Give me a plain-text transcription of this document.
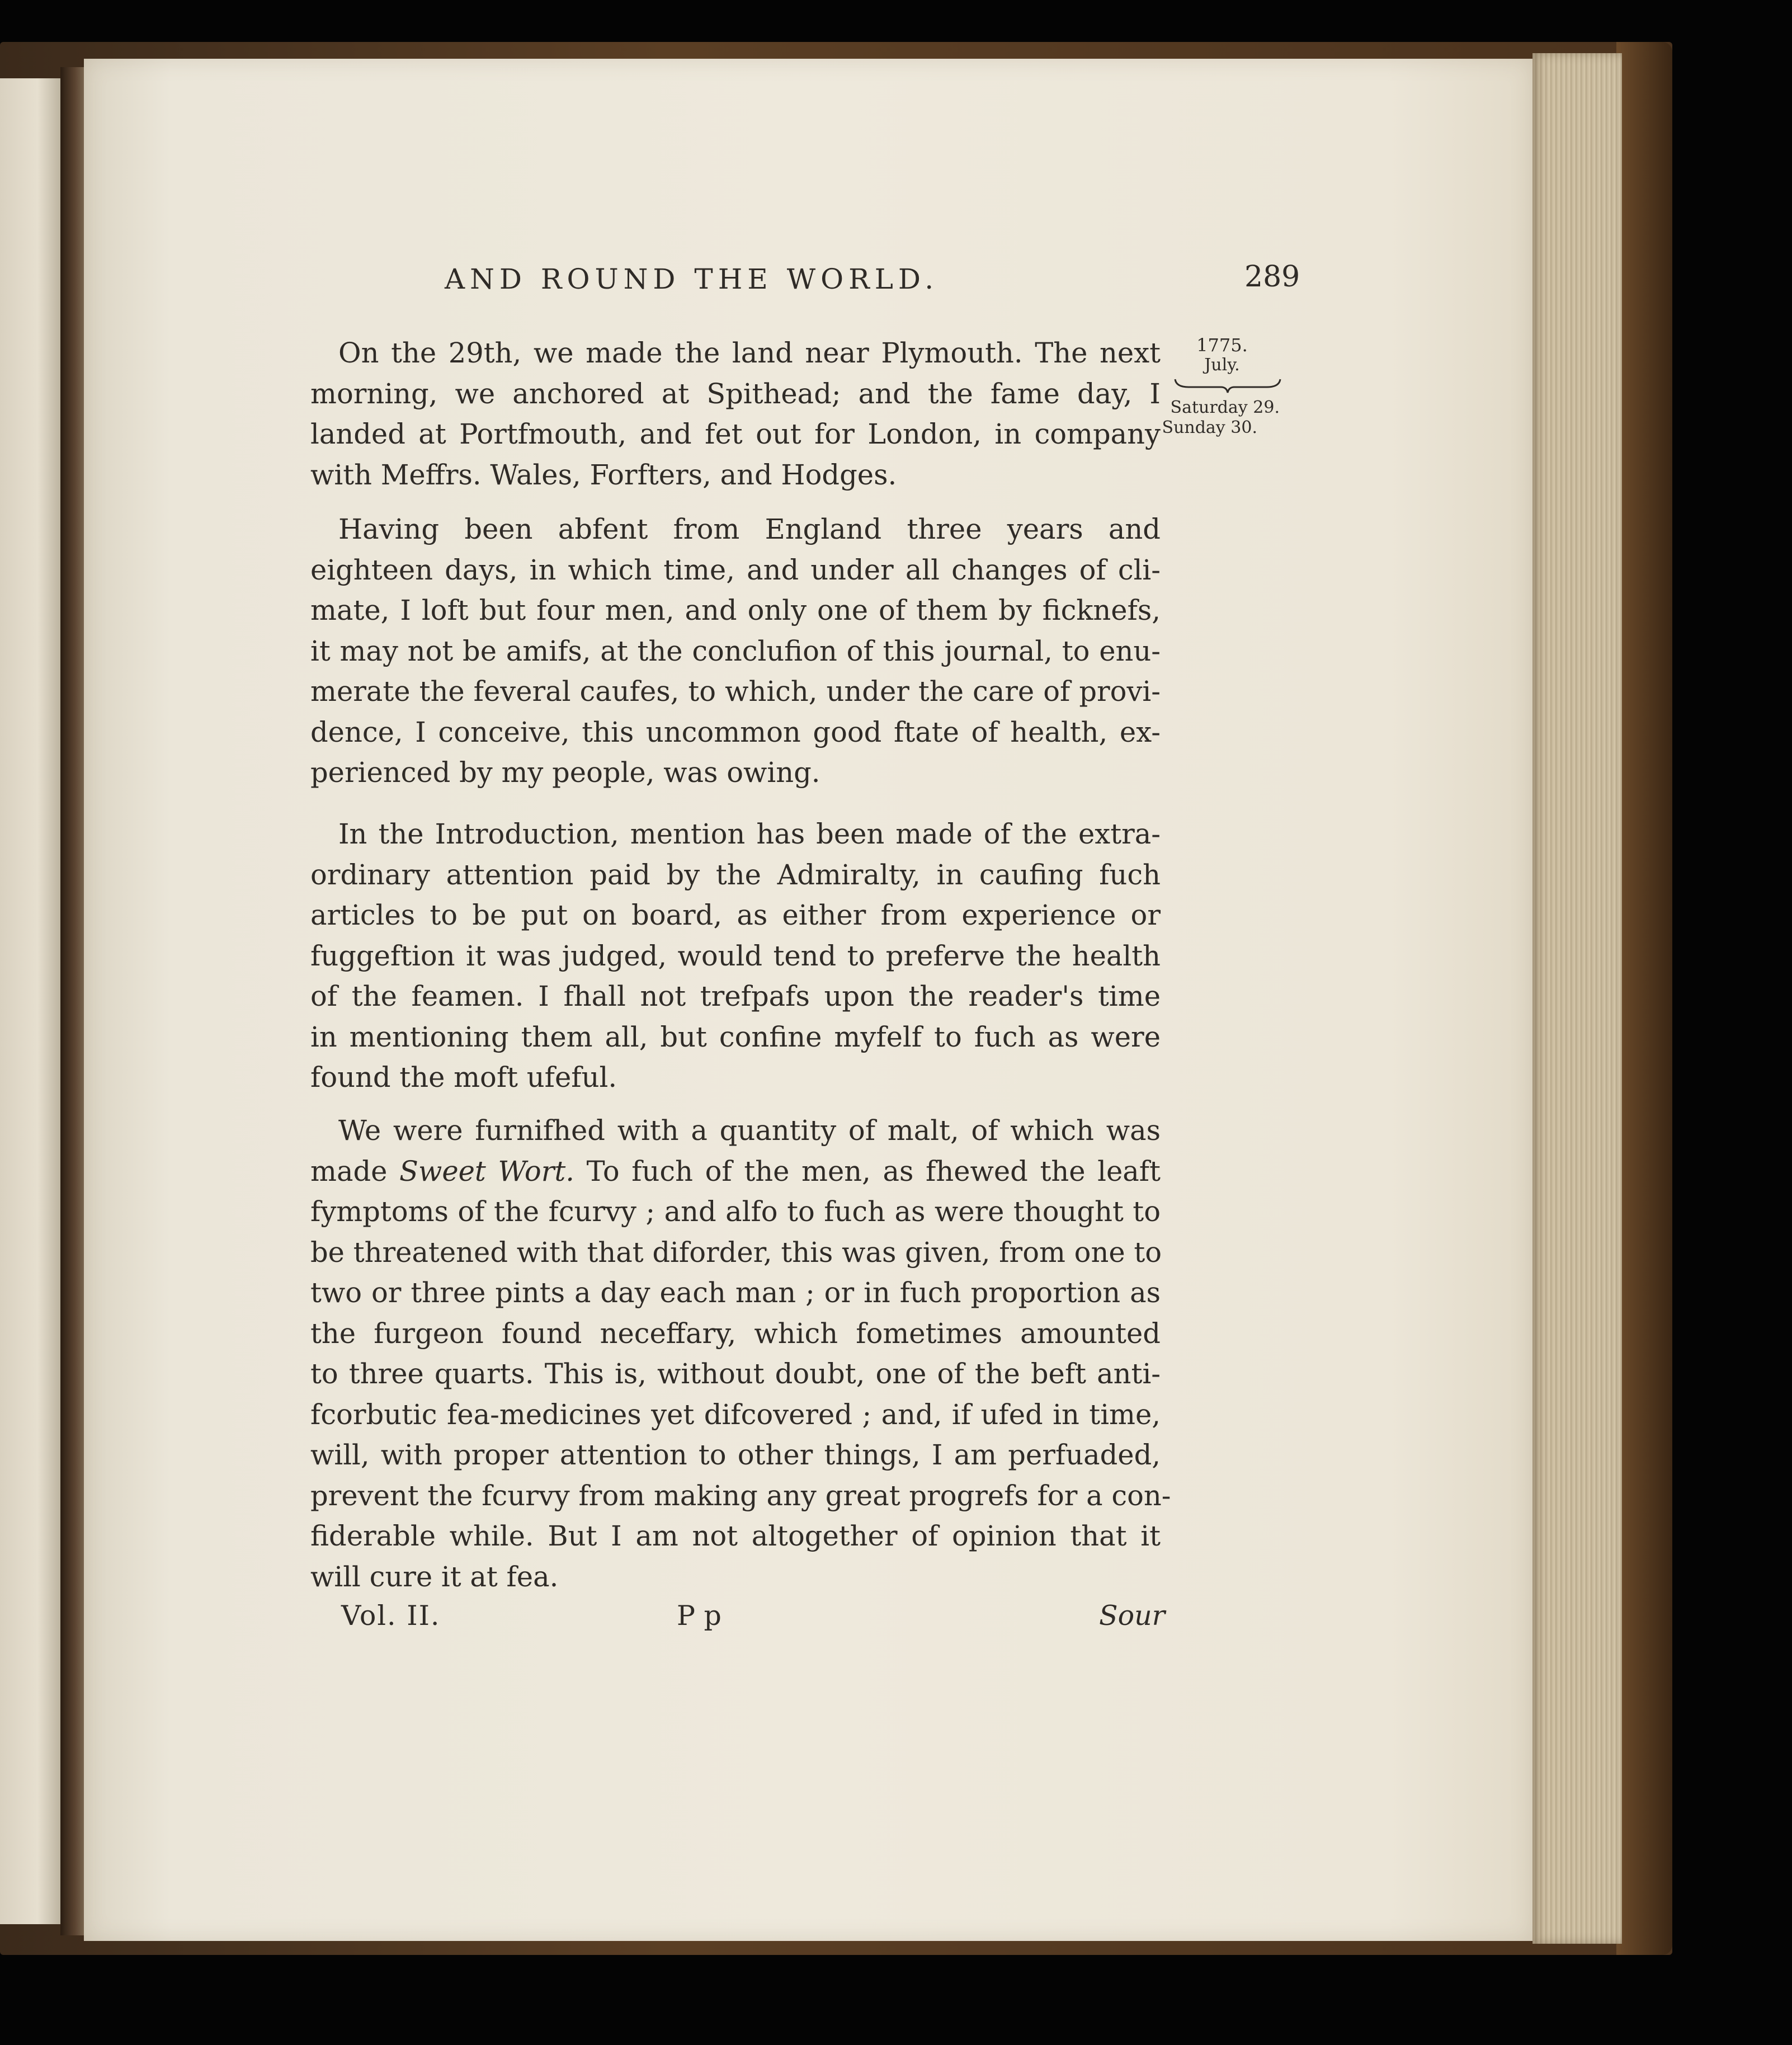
AND ROUND THE WORLD.	289
1775.
July.
Saturday 29.
Sunday 30.
On the 29th, we made the land near Plymouth. The next
morning, we anchored at Spithead; and the fame day, I
landed at Portfmouth, and fet out for London, in company
with Meffrs. Wales, Forfters, and Hodges.
Having been abfent from England three years and
eighteen days, in which time, and under all changes of cli-
mate, I loft but four men, and only one of them by ficknefs,
it may not be amifs, at the conclufion of this journal, to enu-
merate the feveral caufes, to which, under the care of provi-
dence, I conceive, this uncommon good ftate of health, ex-
perienced by my people, was owing.
In the Introduction, mention has been made of the extra-
ordinary attention paid by the Admiralty, in caufing fuch
articles to be put on board, as either from experience or
fuggeftion it was judged, would tend to preferve the health
of the feamen. I fhall not trefpafs upon the reader's time
in mentioning them all, but confine myfelf to fuch as were
found the moft ufeful.
We were furnifhed with a quantity of malt, of which was
made Sweet Wort. To fuch of the men, as fhewed the leaft
fymptoms of the fcurvy ; and alfo to fuch as were thought to
be threatened with that diforder, this was given, from one to
two or three pints a day each man ; or in fuch proportion as
the furgeon found neceffary, which fometimes amounted
to three quarts. This is, without doubt, one of the beft anti-
fcorbutic fea-medicines yet difcovered ; and, if ufed in time,
will, with proper attention to other things, I am perfuaded,
prevent the fcurvy from making any great progrefs for a con-
fiderable while. But I am not altogether of opinion that it
will cure it at fea.
Vol. II.	P p	Sour
